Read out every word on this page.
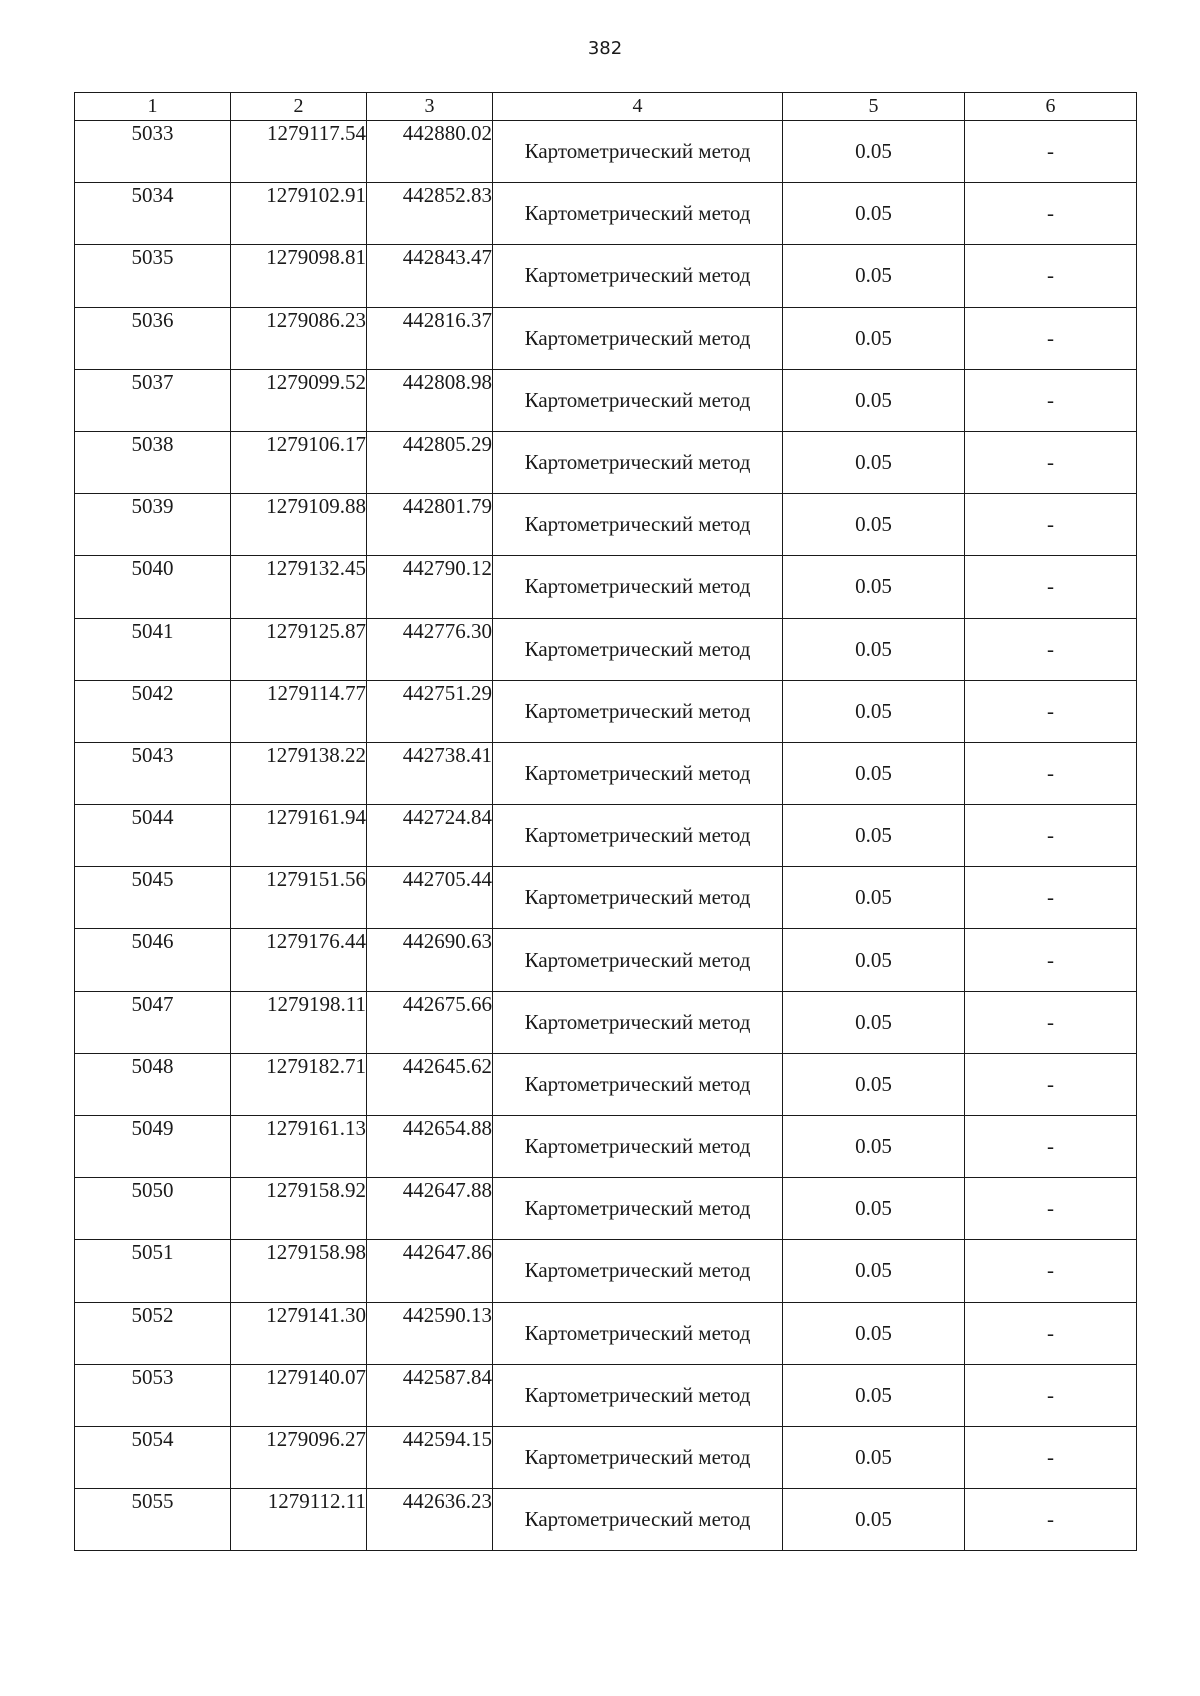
382
1	2	3	4	5	6
5033	1279117.54	442880.02	Картометрический метод	0.05	-
5034	1279102.91	442852.83	Картометрический метод	0.05	-
5035	1279098.81	442843.47	Картометрический метод	0.05	-
5036	1279086.23	442816.37	Картометрический метод	0.05	-
5037	1279099.52	442808.98	Картометрический метод	0.05	-
5038	1279106.17	442805.29	Картометрический метод	0.05	-
5039	1279109.88	442801.79	Картометрический метод	0.05	-
5040	1279132.45	442790.12	Картометрический метод	0.05	-
5041	1279125.87	442776.30	Картометрический метод	0.05	-
5042	1279114.77	442751.29	Картометрический метод	0.05	-
5043	1279138.22	442738.41	Картометрический метод	0.05	-
5044	1279161.94	442724.84	Картометрический метод	0.05	-
5045	1279151.56	442705.44	Картометрический метод	0.05	-
5046	1279176.44	442690.63	Картометрический метод	0.05	-
5047	1279198.11	442675.66	Картометрический метод	0.05	-
5048	1279182.71	442645.62	Картометрический метод	0.05	-
5049	1279161.13	442654.88	Картометрический метод	0.05	-
5050	1279158.92	442647.88	Картометрический метод	0.05	-
5051	1279158.98	442647.86	Картометрический метод	0.05	-
5052	1279141.30	442590.13	Картометрический метод	0.05	-
5053	1279140.07	442587.84	Картометрический метод	0.05	-
5054	1279096.27	442594.15	Картометрический метод	0.05	-
5055	1279112.11	442636.23	Картометрический метод	0.05	-
